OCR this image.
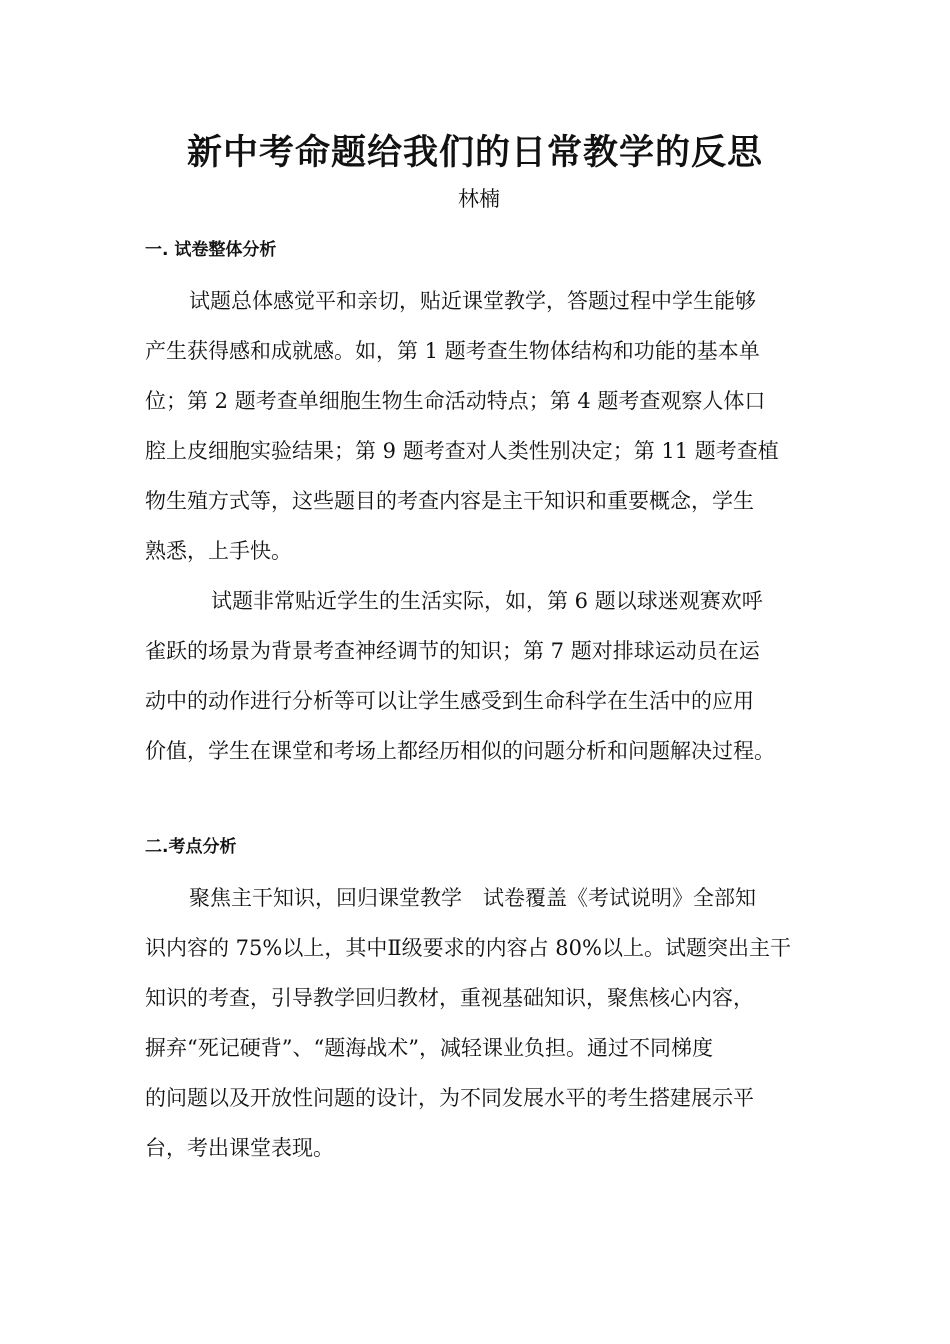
新中考命题给我们的日常教学的反思
林楠
一. 试卷整体分析
试题总体感觉平和亲切，贴近课堂教学，答题过程中学生能够
产生获得感和成就感。如，第 1 题考查生物体结构和功能的基本单
位；第 2 题考查单细胞生物生命活动特点；第 4 题考查观察人体口
腔上皮细胞实验结果；第 9 题考查对人类性别决定；第 11 题考查植
物生殖方式等，这些题目的考查内容是主干知识和重要概念，学生
熟悉，上手快。
试题非常贴近学生的生活实际，如，第 6 题以球迷观赛欢呼
雀跃的场景为背景考查神经调节的知识；第 7 题对排球运动员在运
动中的动作进行分析等可以让学生感受到生命科学在生活中的应用
价值，学生在课堂和考场上都经历相似的问题分析和问题解决过程。
二.考点分析
聚焦主干知识，回归课堂教学　试卷覆盖《考试说明》全部知
识内容的 75%以上，其中Ⅱ级要求的内容占 80%以上。试题突出主干
知识的考查，引导教学回归教材，重视基础知识，聚焦核心内容，
摒弃“死记硬背”、“题海战术”，减轻课业负担。通过不同梯度
的问题以及开放性问题的设计，为不同发展水平的考生搭建展示平
台，考出课堂表现。
